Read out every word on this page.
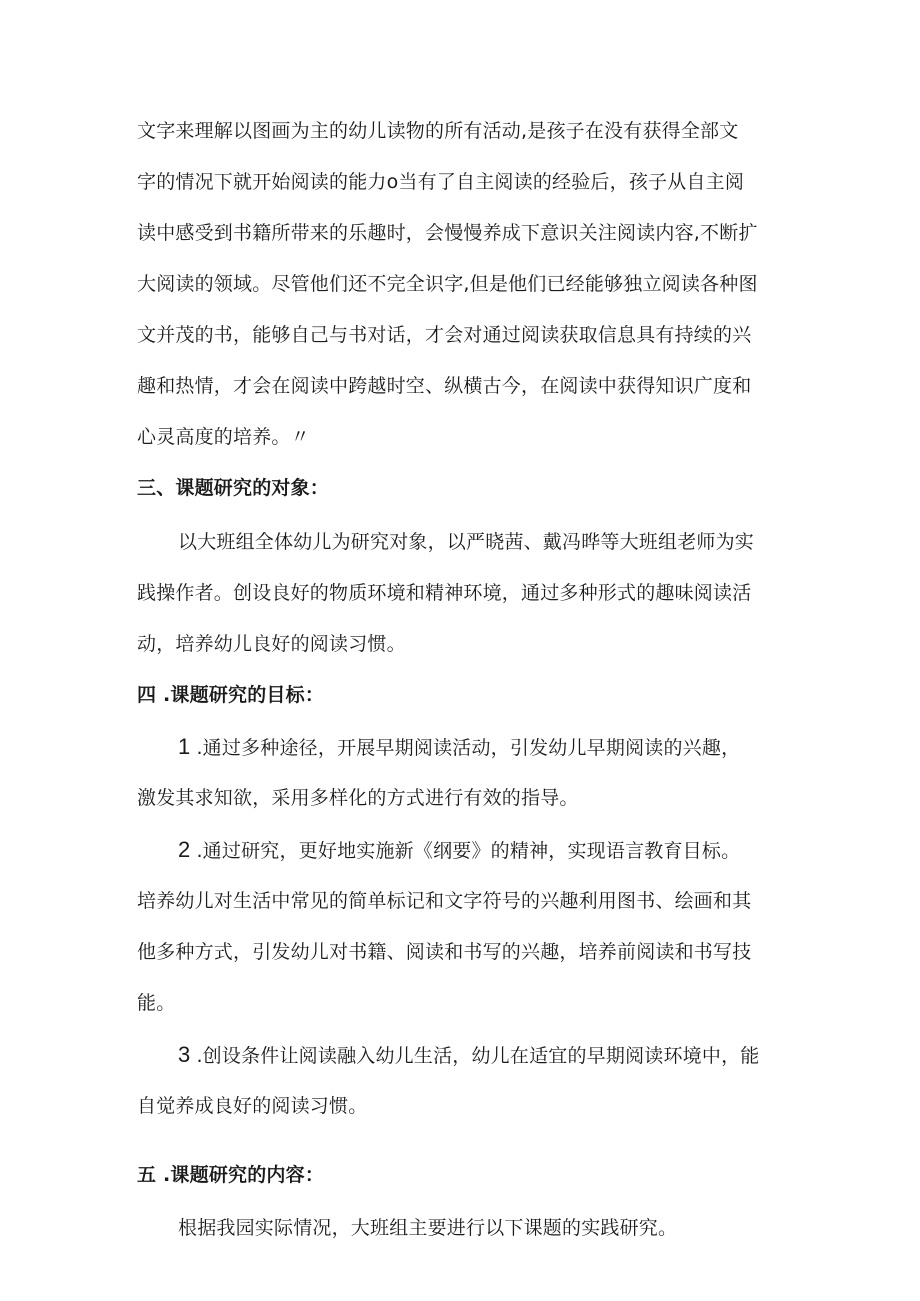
文字来理解以图画为主的幼儿读物的所有活动,是孩子在没有获得全部文
字的情况下就开始阅读的能力o当有了自主阅读的经验后，孩子从自主阅
读中感受到书籍所带来的乐趣时，会慢慢养成下意识关注阅读内容,不断扩
大阅读的领域。尽管他们还不完全识字,但是他们已经能够独立阅读各种图
文并茂的书，能够自己与书对话，才会对通过阅读获取信息具有持续的兴
趣和热情，才会在阅读中跨越时空、纵横古今，在阅读中获得知识广度和
心灵高度的培养。〃
三、课题研究的对象：
以大班组全体幼儿为研究对象，以严晓茜、戴冯晔等大班组老师为实
践操作者。创设良好的物质环境和精神环境，通过多种形式的趣味阅读活
动，培养幼儿良好的阅读习惯。
四 .课题研究的目标：
1 .通过多种途径，开展早期阅读活动，引发幼儿早期阅读的兴趣，
激发其求知欲，采用多样化的方式进行有效的指导。
2 .通过研究，更好地实施新《纲要》的精神，实现语言教育目标。
培养幼儿对生活中常见的简单标记和文字符号的兴趣利用图书、绘画和其
他多种方式，引发幼儿对书籍、阅读和书写的兴趣，培养前阅读和书写技
能。
3 .创设条件让阅读融入幼儿生活，幼儿在适宜的早期阅读环境中，能
自觉养成良好的阅读习惯。
五 .课题研究的内容：
根据我园实际情况，大班组主要进行以下课题的实践研究。
